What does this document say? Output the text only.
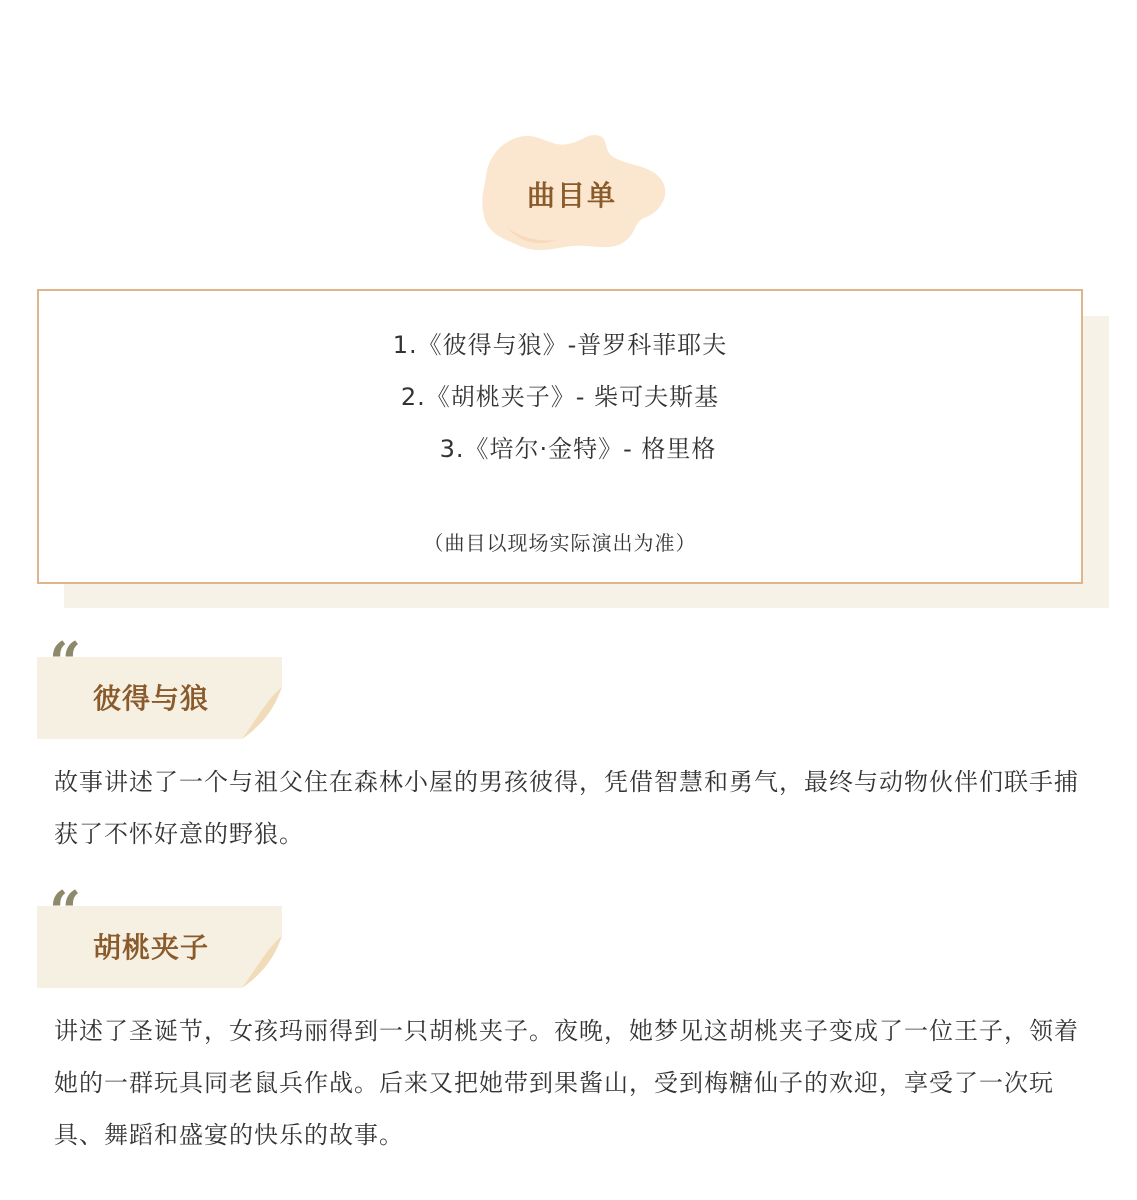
曲目单
1.《彼得与狼》-普罗科菲耶夫
2.《胡桃夹子》- 柴可夫斯基
3.《培尔·金特》- 格里格
（曲目以现场实际演出为准）
“
彼得与狼

故事讲述了一个与祖父住在森林小屋的男孩彼得，凭借智慧和勇气，最终与动物伙伴们联手捕获了不怀好意的野狼。

“
胡桃夹子

讲述了圣诞节，女孩玛丽得到一只胡桃夹子。夜晚，她梦见这胡桃夹子变成了一位王子，领着她的一群玩具同老鼠兵作战。后来又把她带到果酱山，受到梅糖仙子的欢迎，享受了一次玩具、舞蹈和盛宴的快乐的故事。
